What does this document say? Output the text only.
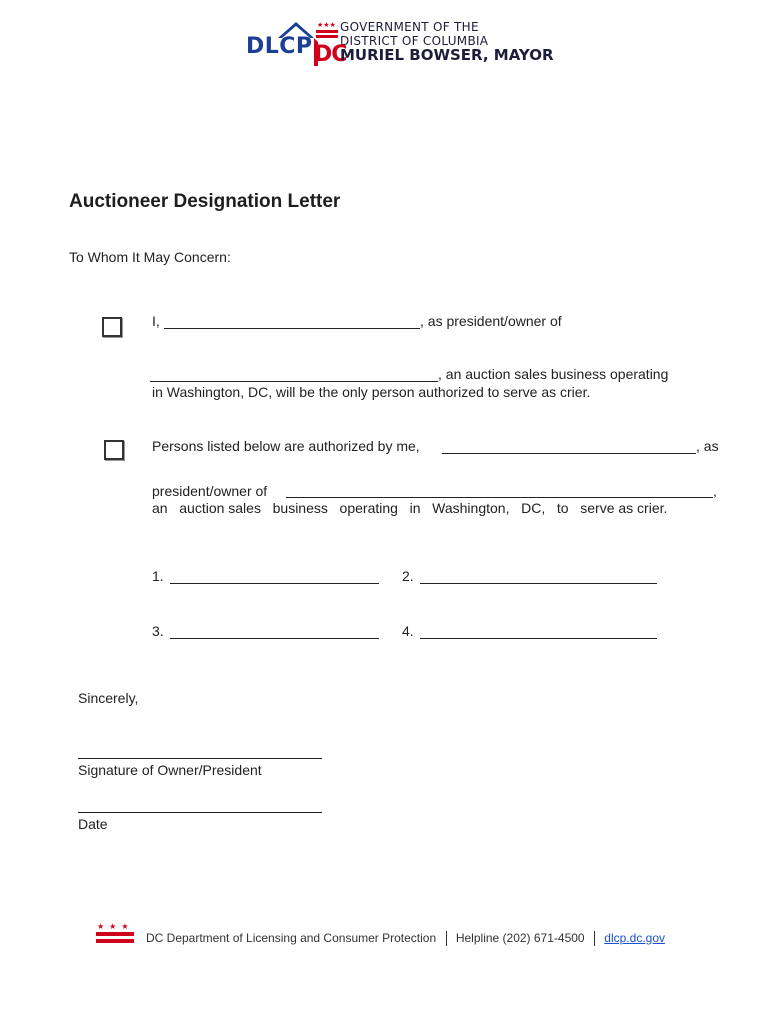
DLCP
★★★ GOVERNMENT OF THE
DISTRICT OF COLUMBIA
DC
MURIEL BOWSER, MAYOR
Auctioneer Designation Letter
To Whom It May Concern:
I,	, as president/owner of
, an auction sales business operating
in Washington, DC, will be the only person authorized to serve as crier.
Persons listed below are authorized by me,	, as
president/owner of	,
an   auction sales   business   operating   in   Washington,   DC,   to   serve as crier.
1.	2.
3.	4.
Sincerely,
Signature of Owner/President
Date
★★★
DC Department of Licensing and Consumer Protection Helpline (202) 671-4500 dlcp.dc.gov
